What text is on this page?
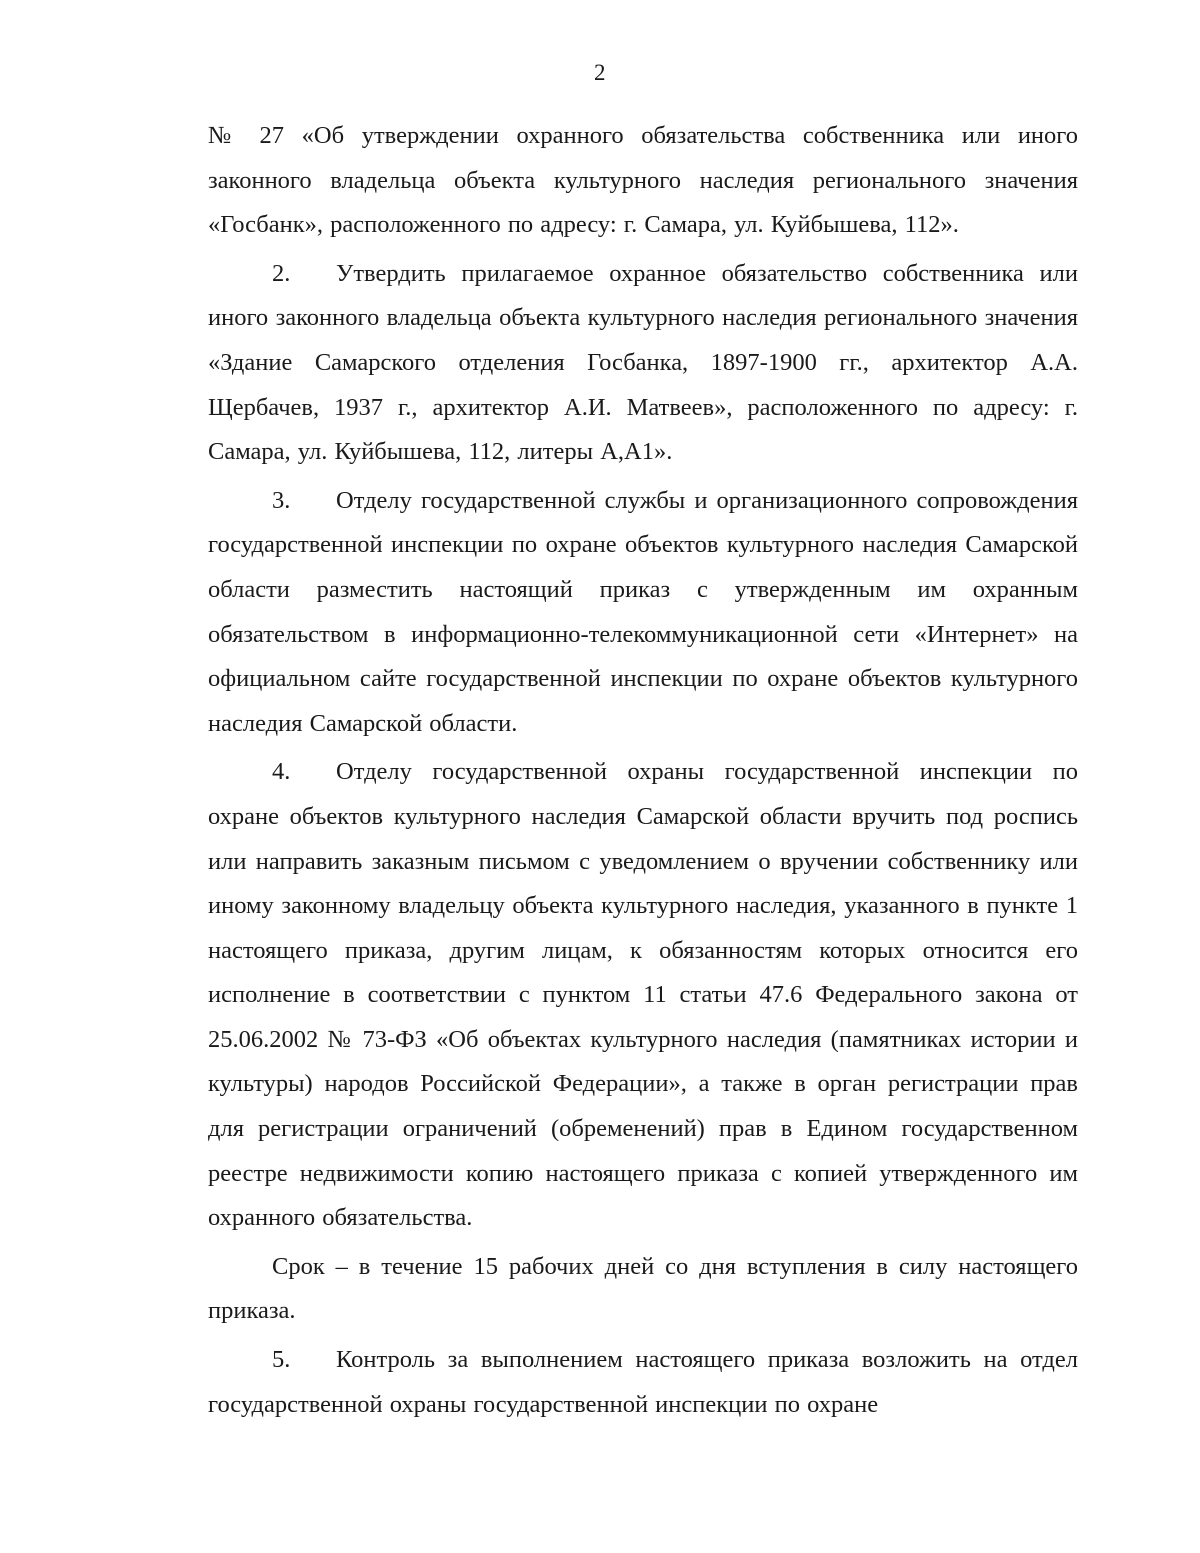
2

№ 27 «Об утверждении охранного обязательства собственника или иного законного владельца объекта культурного наследия регионального значения «Госбанк», расположенного по адресу: г. Самара, ул. Куйбышева, 112».

2. Утвердить прилагаемое охранное обязательство собственника или иного законного владельца объекта культурного наследия регионального значения «Здание Самарского отделения Госбанка, 1897-1900 гг., архитектор А.А. Щербачев, 1937 г., архитектор А.И. Матвеев», расположенного по адресу: г. Самара, ул. Куйбышева, 112, литеры А,А1».

3. Отделу государственной службы и организационного сопровождения государственной инспекции по охране объектов культурного наследия Самарской области разместить настоящий приказ с утвержденным им охранным обязательством в информационно-телекоммуникационной сети «Интернет» на официальном сайте государственной инспекции по охране объектов культурного наследия Самарской области.

4. Отделу государственной охраны государственной инспекции по охране объектов культурного наследия Самарской области вручить под роспись или направить заказным письмом с уведомлением о вручении собственнику или иному законному владельцу объекта культурного наследия, указанного в пункте 1 настоящего приказа, другим лицам, к обязанностям которых относится его исполнение в соответствии с пунктом 11 статьи 47.6 Федерального закона от 25.06.2002 № 73-ФЗ «Об объектах культурного наследия (памятниках истории и культуры) народов Российской Федерации», а также в орган регистрации прав для регистрации ограничений (обременений) прав в Едином государственном реестре недвижимости копию настоящего приказа с копией утвержденного им охранного обязательства.

Срок – в течение 15 рабочих дней со дня вступления в силу настоящего приказа.

5. Контроль за выполнением настоящего приказа возложить на отдел государственной охраны государственной инспекции по охране
